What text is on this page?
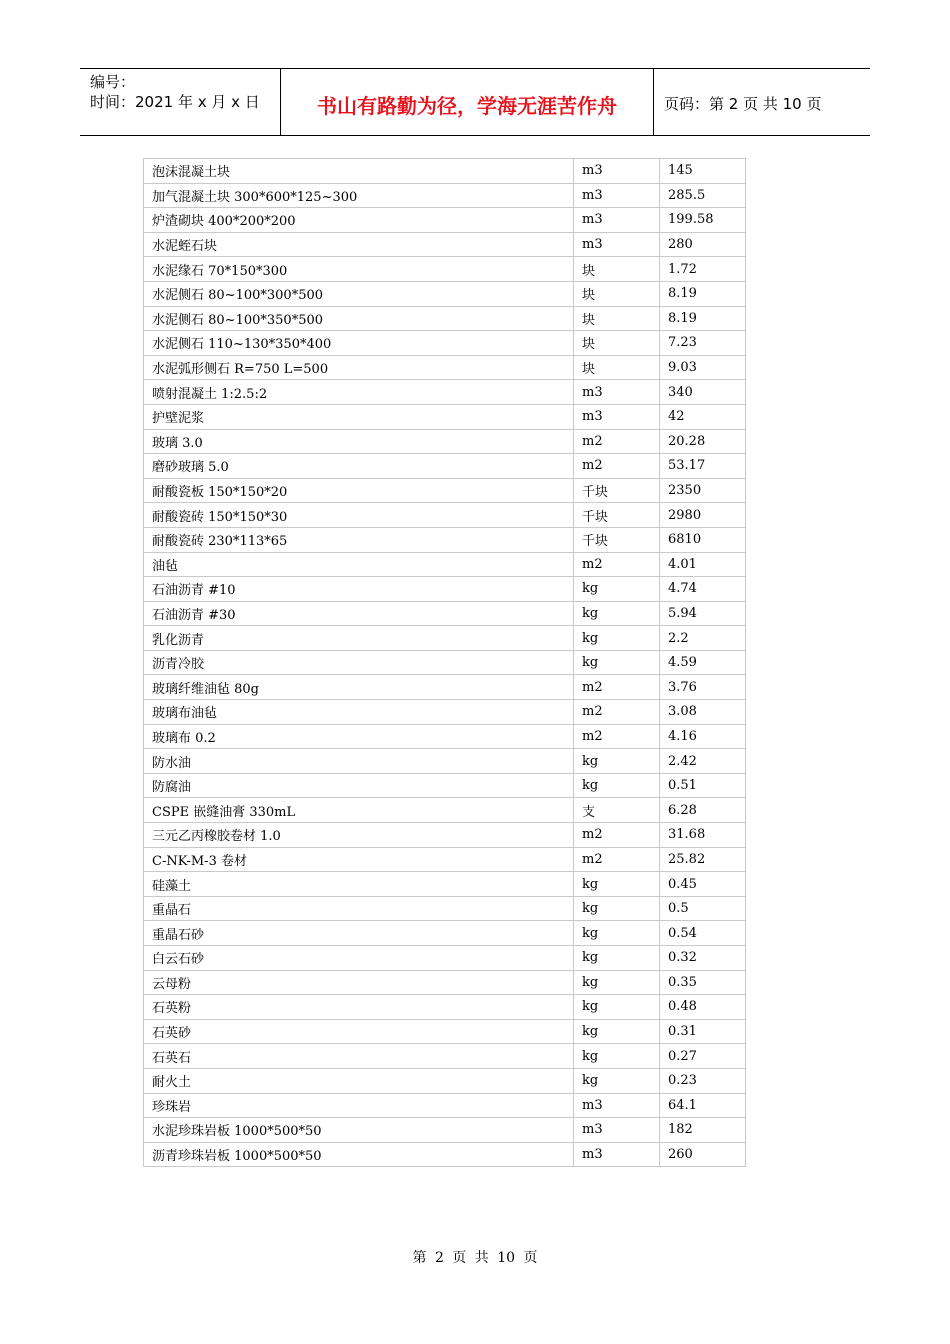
编号：
时间：2021 年 x 月 x 日	书山有路勤为径，学海无涯苦作舟	页码：第 2 页 共 10 页
泡沫混凝土块	m3	145
加气混凝土块 300*600*125~300	m3	285.5
炉渣砌块 400*200*200	m3	199.58
水泥蛭石块	m3	280
水泥缘石 70*150*300	块	1.72
水泥侧石 80~100*300*500	块	8.19
水泥侧石 80~100*350*500	块	8.19
水泥侧石 110~130*350*400	块	7.23
水泥弧形侧石 R=750 L=500	块	9.03
喷射混凝土 1:2.5:2	m3	340
护壁泥浆	m3	42
玻璃 3.0	m2	20.28
磨砂玻璃 5.0	m2	53.17
耐酸瓷板 150*150*20	千块	2350
耐酸瓷砖 150*150*30	千块	2980
耐酸瓷砖 230*113*65	千块	6810
油毡	m2	4.01
石油沥青 #10	kg	4.74
石油沥青 #30	kg	5.94
乳化沥青	kg	2.2
沥青冷胶	kg	4.59
玻璃纤维油毡 80g	m2	3.76
玻璃布油毡	m2	3.08
玻璃布 0.2	m2	4.16
防水油	kg	2.42
防腐油	kg	0.51
CSPE 嵌缝油膏 330mL	支	6.28
三元乙丙橡胶卷材 1.0	m2	31.68
C-NK-M-3 卷材	m2	25.82
硅藻土	kg	0.45
重晶石	kg	0.5
重晶石砂	kg	0.54
白云石砂	kg	0.32
云母粉	kg	0.35
石英粉	kg	0.48
石英砂	kg	0.31
石英石	kg	0.27
耐火土	kg	0.23
珍珠岩	m3	64.1
水泥珍珠岩板 1000*500*50	m3	182
沥青珍珠岩板 1000*500*50	m3	260
第 2 页 共 10 页
